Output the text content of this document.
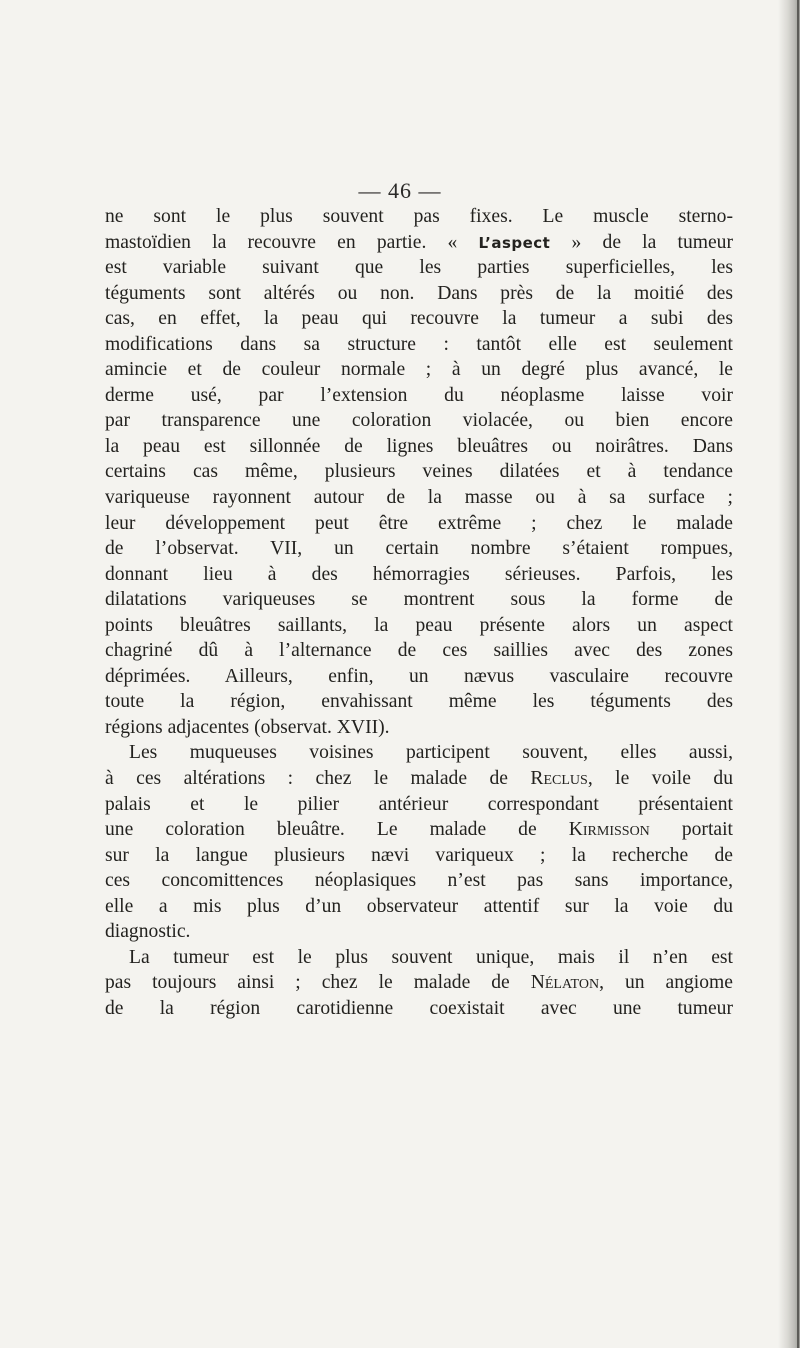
— 46 —
ne sont le plus souvent pas fixes. Le muscle sterno-
mastoïdien la recouvre en partie. « L’aspect » de la tumeur
est variable suivant que les parties superficielles, les
téguments sont altérés ou non. Dans près de la moitié des
cas, en effet, la peau qui recouvre la tumeur a subi des
modifications dans sa structure : tantôt elle est seulement
amincie et de couleur normale ; à un degré plus avancé, le
derme usé, par l’extension du néoplasme laisse voir
par transparence une coloration violacée, ou bien encore
la peau est sillonnée de lignes bleuâtres ou noirâtres. Dans
certains cas même, plusieurs veines dilatées et à tendance
variqueuse rayonnent autour de la masse ou à sa surface ;
leur développement peut être extrême ; chez le malade
de l’observat. VII, un certain nombre s’étaient rompues,
donnant lieu à des hémorragies sérieuses. Parfois, les
dilatations variqueuses se montrent sous la forme de
points bleuâtres saillants, la peau présente alors un aspect
chagriné dû à l’alternance de ces saillies avec des zones
déprimées. Ailleurs, enfin, un nævus vasculaire recouvre
toute la région, envahissant même les téguments des
régions adjacentes (observat. XVII).
Les muqueuses voisines participent souvent, elles aussi,
à ces altérations : chez le malade de Reclus, le voile du
palais et le pilier antérieur correspondant présentaient
une coloration bleuâtre. Le malade de Kirmisson portait
sur la langue plusieurs nævi variqueux ; la recherche de
ces concomittences néoplasiques n’est pas sans importance,
elle a mis plus d’un observateur attentif sur la voie du
diagnostic.
La tumeur est le plus souvent unique, mais il n’en est
pas toujours ainsi ; chez le malade de Nélaton, un angiome
de la région carotidienne coexistait avec une tumeur
